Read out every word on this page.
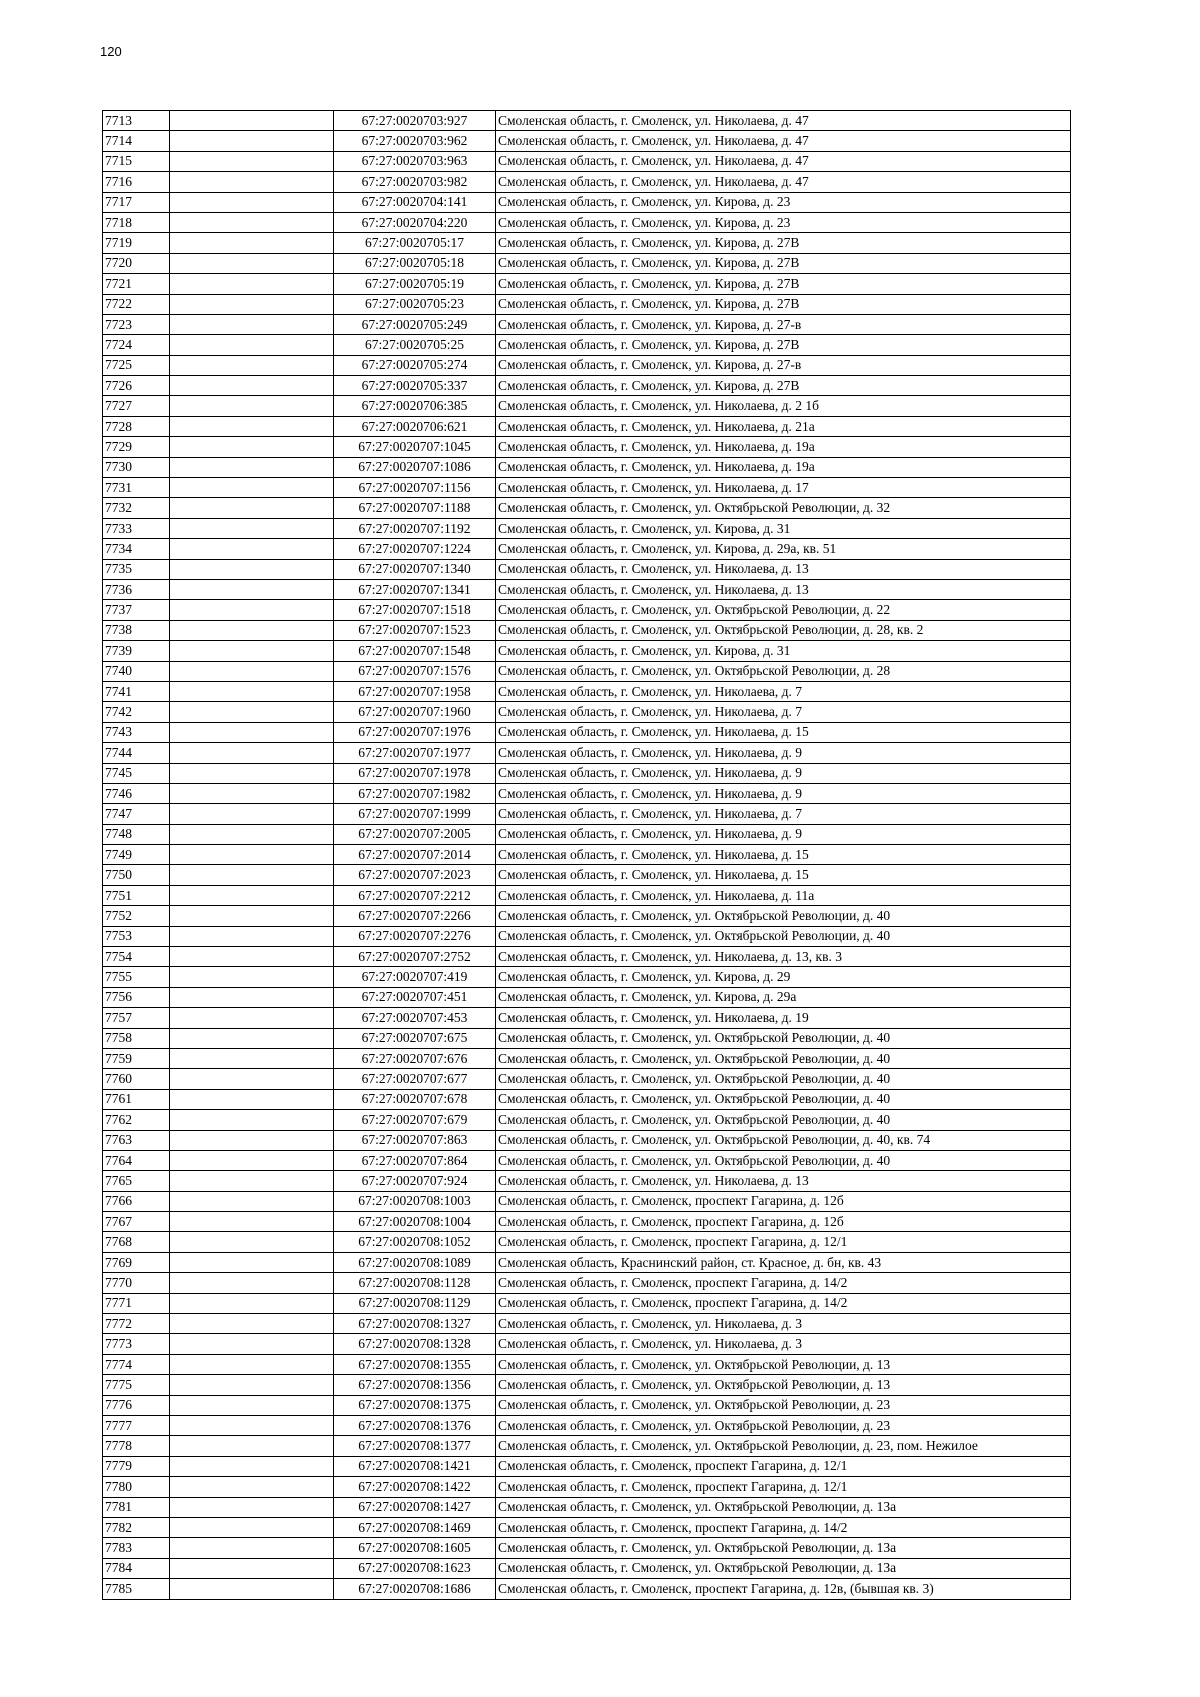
120
7713		67:27:0020703:927	Смоленская область, г. Смоленск, ул. Николаева, д. 47
7714		67:27:0020703:962	Смоленская область, г. Смоленск, ул. Николаева, д. 47
7715		67:27:0020703:963	Смоленская область, г. Смоленск, ул. Николаева, д. 47
7716		67:27:0020703:982	Смоленская область, г. Смоленск, ул. Николаева, д. 47
7717		67:27:0020704:141	Смоленская область, г. Смоленск, ул. Кирова, д. 23
7718		67:27:0020704:220	Смоленская область, г. Смоленск, ул. Кирова, д. 23
7719		67:27:0020705:17	Смоленская область, г. Смоленск, ул. Кирова, д. 27В
7720		67:27:0020705:18	Смоленская область, г. Смоленск, ул. Кирова, д. 27В
7721		67:27:0020705:19	Смоленская область, г. Смоленск, ул. Кирова, д. 27В
7722		67:27:0020705:23	Смоленская область, г. Смоленск, ул. Кирова, д. 27В
7723		67:27:0020705:249	Смоленская область, г. Смоленск, ул. Кирова, д. 27-в
7724		67:27:0020705:25	Смоленская область, г. Смоленск, ул. Кирова, д. 27В
7725		67:27:0020705:274	Смоленская область, г. Смоленск, ул. Кирова, д. 27-в
7726		67:27:0020705:337	Смоленская область, г. Смоленск, ул. Кирова, д. 27В
7727		67:27:0020706:385	Смоленская область, г. Смоленск, ул. Николаева, д. 2 1б
7728		67:27:0020706:621	Смоленская область, г. Смоленск, ул. Николаева, д. 21а
7729		67:27:0020707:1045	Смоленская область, г. Смоленск, ул. Николаева, д. 19а
7730		67:27:0020707:1086	Смоленская область, г. Смоленск, ул. Николаева, д. 19а
7731		67:27:0020707:1156	Смоленская область, г. Смоленск, ул. Николаева, д. 17
7732		67:27:0020707:1188	Смоленская область, г. Смоленск, ул. Октябрьской Революции, д. 32
7733		67:27:0020707:1192	Смоленская область, г. Смоленск, ул. Кирова, д. 31
7734		67:27:0020707:1224	Смоленская область, г. Смоленск, ул. Кирова, д. 29а, кв. 51
7735		67:27:0020707:1340	Смоленская область, г. Смоленск, ул. Николаева, д. 13
7736		67:27:0020707:1341	Смоленская область, г. Смоленск, ул. Николаева, д. 13
7737		67:27:0020707:1518	Смоленская область, г. Смоленск, ул. Октябрьской Революции, д. 22
7738		67:27:0020707:1523	Смоленская область, г. Смоленск, ул. Октябрьской Революции, д. 28, кв. 2
7739		67:27:0020707:1548	Смоленская область, г. Смоленск, ул. Кирова, д. 31
7740		67:27:0020707:1576	Смоленская область, г. Смоленск, ул. Октябрьской Революции, д. 28
7741		67:27:0020707:1958	Смоленская область, г. Смоленск, ул. Николаева, д. 7
7742		67:27:0020707:1960	Смоленская область, г. Смоленск, ул. Николаева, д. 7
7743		67:27:0020707:1976	Смоленская область, г. Смоленск, ул. Николаева, д. 15
7744		67:27:0020707:1977	Смоленская область, г. Смоленск, ул. Николаева, д. 9
7745		67:27:0020707:1978	Смоленская область, г. Смоленск, ул. Николаева, д. 9
7746		67:27:0020707:1982	Смоленская область, г. Смоленск, ул. Николаева, д. 9
7747		67:27:0020707:1999	Смоленская область, г. Смоленск, ул. Николаева, д. 7
7748		67:27:0020707:2005	Смоленская область, г. Смоленск, ул. Николаева, д. 9
7749		67:27:0020707:2014	Смоленская область, г. Смоленск, ул. Николаева, д. 15
7750		67:27:0020707:2023	Смоленская область, г. Смоленск, ул. Николаева, д. 15
7751		67:27:0020707:2212	Смоленская область, г. Смоленск, ул. Николаева, д. 11а
7752		67:27:0020707:2266	Смоленская область, г. Смоленск, ул. Октябрьской Революции, д. 40
7753		67:27:0020707:2276	Смоленская область, г. Смоленск, ул. Октябрьской Революции, д. 40
7754		67:27:0020707:2752	Смоленская область, г. Смоленск, ул. Николаева, д. 13, кв. 3
7755		67:27:0020707:419	Смоленская область, г. Смоленск, ул. Кирова, д. 29
7756		67:27:0020707:451	Смоленская область, г. Смоленск, ул. Кирова, д. 29а
7757		67:27:0020707:453	Смоленская область, г. Смоленск, ул. Николаева, д. 19
7758		67:27:0020707:675	Смоленская область, г. Смоленск, ул. Октябрьской Революции, д. 40
7759		67:27:0020707:676	Смоленская область, г. Смоленск, ул. Октябрьской Революции, д. 40
7760		67:27:0020707:677	Смоленская область, г. Смоленск, ул. Октябрьской Революции, д. 40
7761		67:27:0020707:678	Смоленская область, г. Смоленск, ул. Октябрьской Революции, д. 40
7762		67:27:0020707:679	Смоленская область, г. Смоленск, ул. Октябрьской Революции, д. 40
7763		67:27:0020707:863	Смоленская область, г. Смоленск, ул. Октябрьской Революции, д. 40, кв. 74
7764		67:27:0020707:864	Смоленская область, г. Смоленск, ул. Октябрьской Революции, д. 40
7765		67:27:0020707:924	Смоленская область, г. Смоленск, ул. Николаева, д. 13
7766		67:27:0020708:1003	Смоленская область, г. Смоленск, проспект Гагарина, д. 12б
7767		67:27:0020708:1004	Смоленская область, г. Смоленск, проспект Гагарина, д. 12б
7768		67:27:0020708:1052	Смоленская область, г. Смоленск, проспект Гагарина, д. 12/1
7769		67:27:0020708:1089	Смоленская область, Краснинский район, ст. Красное, д. бн, кв. 43
7770		67:27:0020708:1128	Смоленская область, г. Смоленск, проспект Гагарина, д. 14/2
7771		67:27:0020708:1129	Смоленская область, г. Смоленск, проспект Гагарина, д. 14/2
7772		67:27:0020708:1327	Смоленская область, г. Смоленск, ул. Николаева, д. 3
7773		67:27:0020708:1328	Смоленская область, г. Смоленск, ул. Николаева, д. 3
7774		67:27:0020708:1355	Смоленская область, г. Смоленск, ул. Октябрьской Революции, д. 13
7775		67:27:0020708:1356	Смоленская область, г. Смоленск, ул. Октябрьской Революции, д. 13
7776		67:27:0020708:1375	Смоленская область, г. Смоленск, ул. Октябрьской Революции, д. 23
7777		67:27:0020708:1376	Смоленская область, г. Смоленск, ул. Октябрьской Революции, д. 23
7778		67:27:0020708:1377	Смоленская область, г. Смоленск, ул. Октябрьской Революции, д. 23, пом. Нежилое
7779		67:27:0020708:1421	Смоленская область, г. Смоленск, проспект Гагарина, д. 12/1
7780		67:27:0020708:1422	Смоленская область, г. Смоленск, проспект Гагарина, д. 12/1
7781		67:27:0020708:1427	Смоленская область, г. Смоленск, ул. Октябрьской Революции, д. 13а
7782		67:27:0020708:1469	Смоленская область, г. Смоленск, проспект Гагарина, д. 14/2
7783		67:27:0020708:1605	Смоленская область, г. Смоленск, ул. Октябрьской Революции, д. 13а
7784		67:27:0020708:1623	Смоленская область, г. Смоленск, ул. Октябрьской Революции, д. 13а
7785		67:27:0020708:1686	Смоленская область, г. Смоленск, проспект Гагарина, д. 12в, (бывшая кв. 3)
